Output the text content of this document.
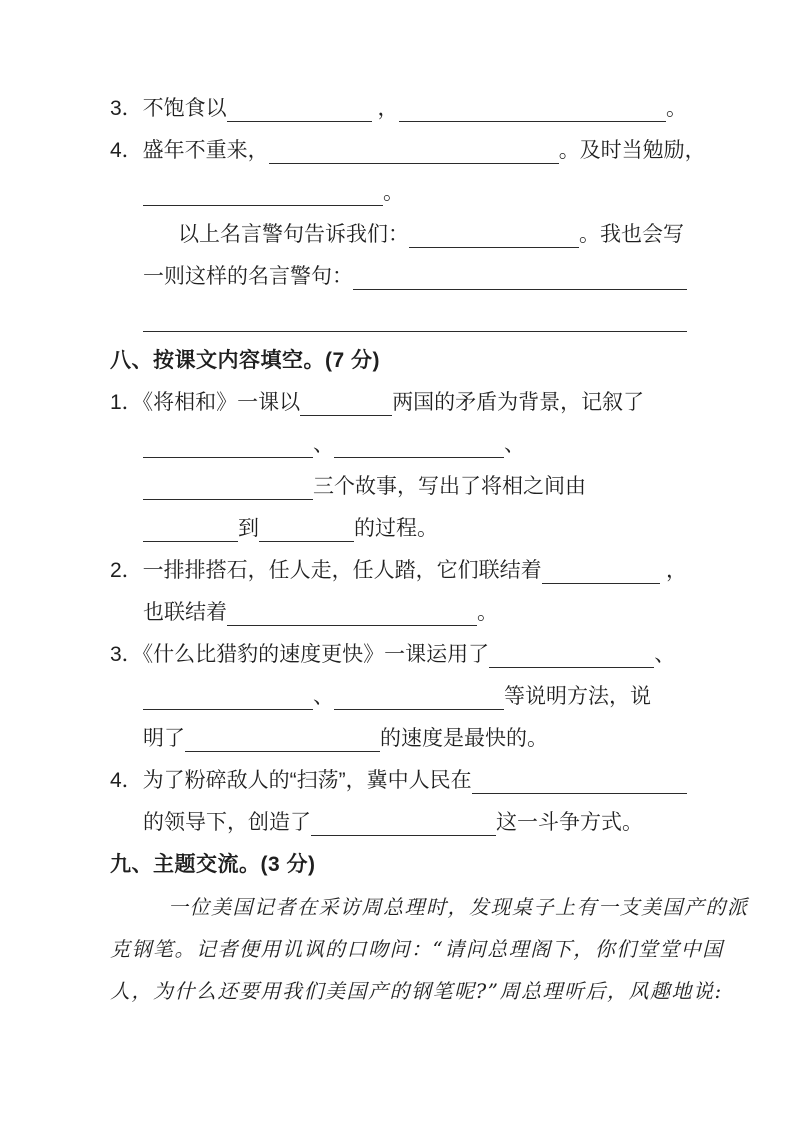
3．不饱食以	，	。
4．盛年不重来，	。及时当勉励，
。
以上名言警句告诉我们：	。我也会写
一则这样的名言警句：
八、按课文内容填空。(7 分)
1．《将相和》一课以	两国的矛盾为背景，记叙了
、	、
三个故事，写出了将相之间由
到	的过程。
2．一排排搭石，任人走，任人踏，它们联结着	，
也联结着	。
3．《什么比猎豹的速度更快》一课运用了	、
、	等说明方法，说
明了	的速度是最快的。
4．为了粉碎敌人的“扫荡”，冀中人民在
的领导下，创造了	这一斗争方式。
九、主题交流。(3 分)
一位美国记者在采访周总理时，发现桌子上有一支美国产的派
克钢笔。记者便用讥讽的口吻问：“请问总理阁下，你们堂堂中国
人，为什么还要用我们美国产的钢笔呢?”周总理听后，风趣地说:
